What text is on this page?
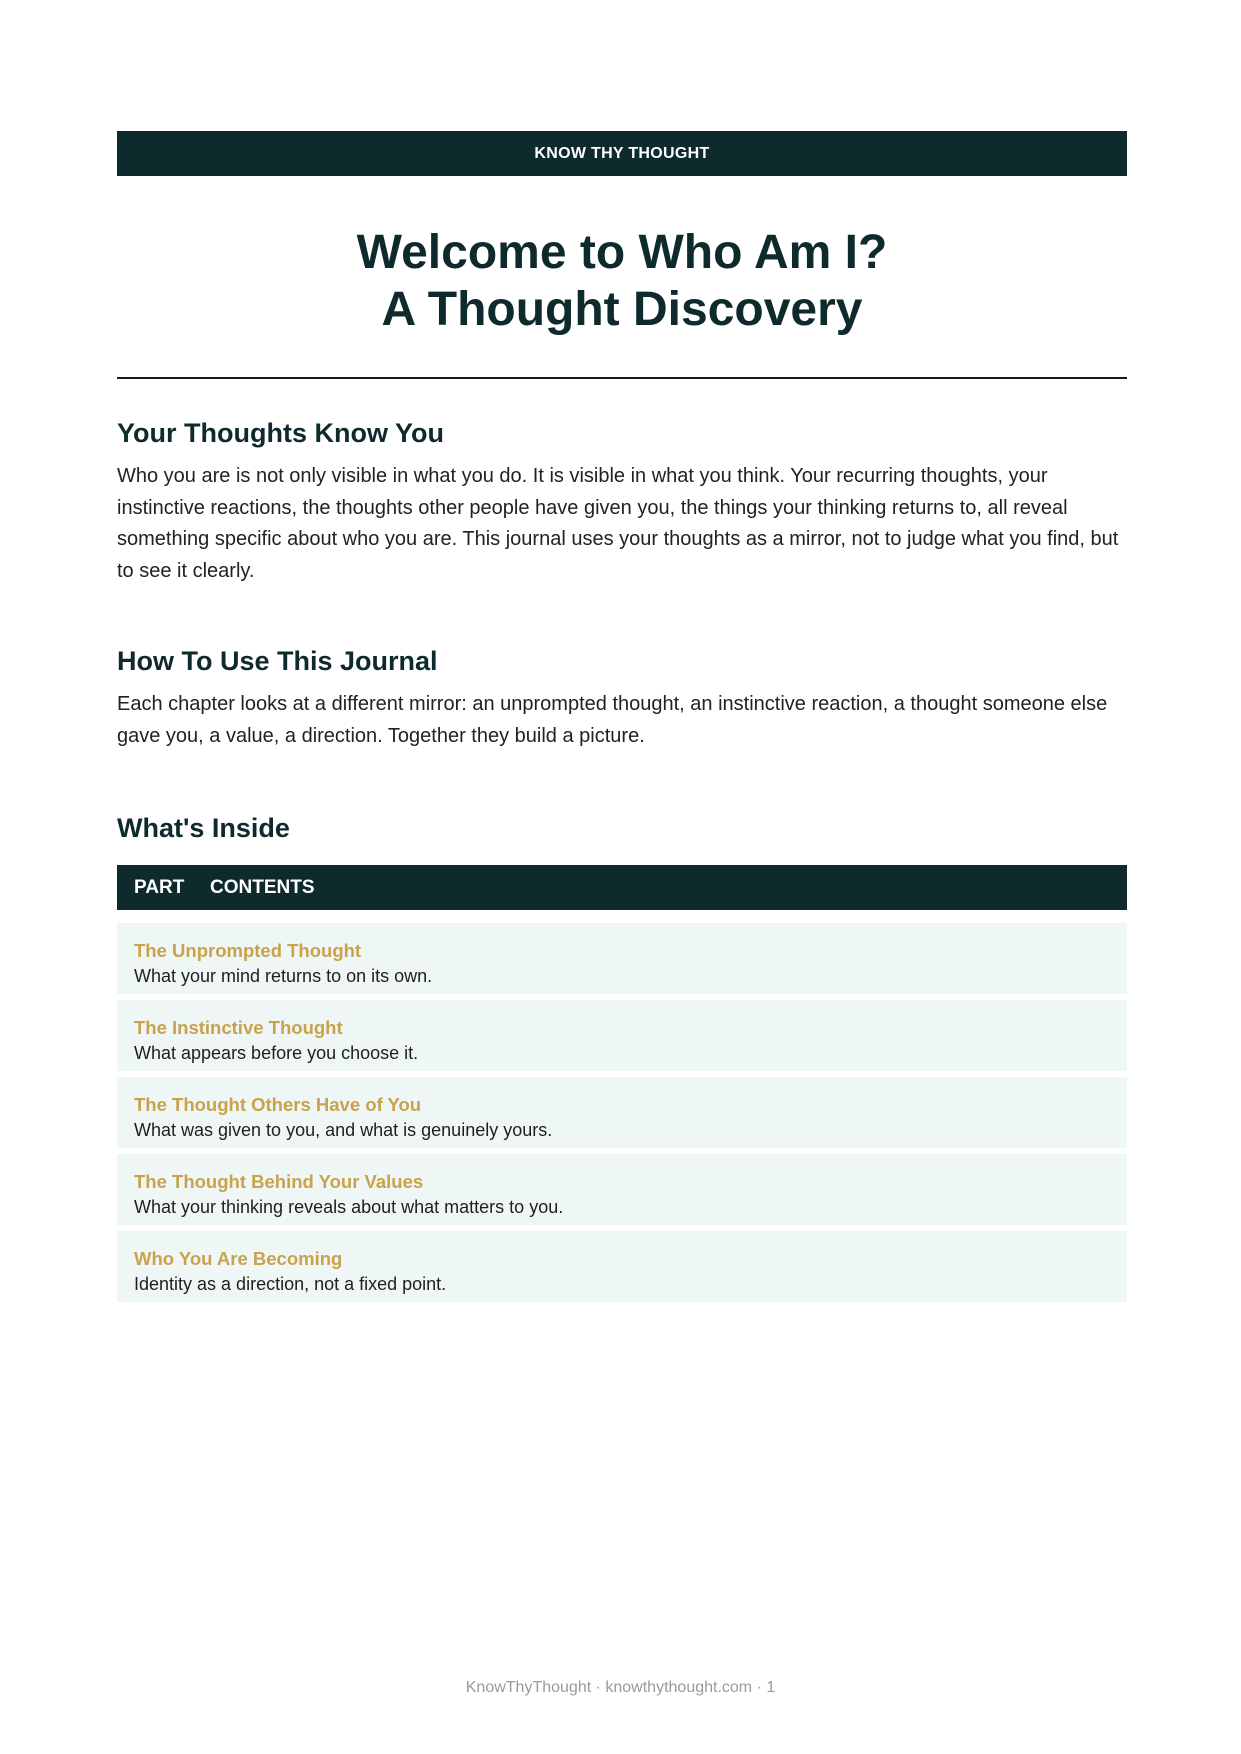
KNOW THY THOUGHT
Welcome to Who Am I?
A Thought Discovery
Your Thoughts Know You

Who you are is not only visible in what you do. It is visible in what you think. Your recurring thoughts, your instinctive reactions, the thoughts other people have given you, the things your thinking returns to, all reveal something specific about who you are. This journal uses your thoughts as a mirror, not to judge what you find, but to see it clearly.

How To Use This Journal

Each chapter looks at a different mirror: an unprompted thought, an instinctive reaction, a thought someone else gave you, a value, a direction. Together they build a picture.

What's Inside
PART	CONTENTS
The Unprompted Thought
What your mind returns to on its own.
The Instinctive Thought
What appears before you choose it.
The Thought Others Have of You
What was given to you, and what is genuinely yours.
The Thought Behind Your Values
What your thinking reveals about what matters to you.
Who You Are Becoming
Identity as a direction, not a fixed point.
KnowThyThought · knowthythought.com · 1
